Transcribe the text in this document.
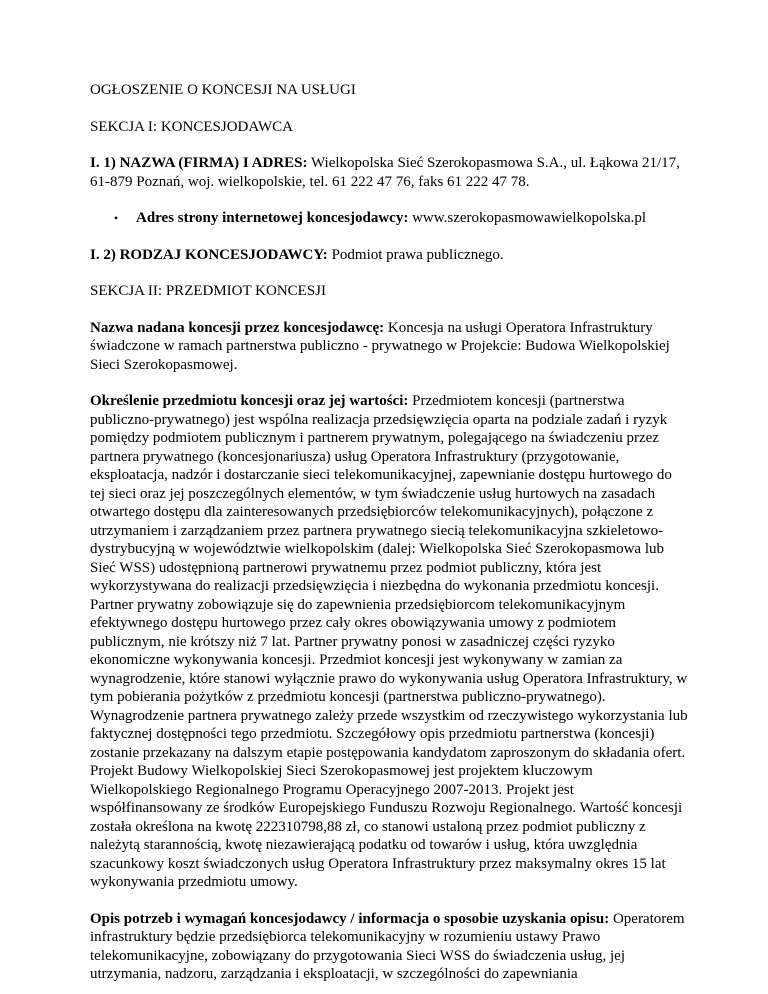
OGŁOSZENIE O KONCESJI NA USŁUGI

SEKCJA I: KONCESJODAWCA

I. 1) NAZWA (FIRMA) I ADRES: Wielkopolska Sieć Szerokopasmowa S.A., ul. Łąkowa 21/17, 61-879 Poznań, woj. wielkopolskie, tel. 61 222 47 76, faks 61 222 47 78.

•	Adres strony internetowej koncesjodawcy: www.szerokopasmowawielkopolska.pl

I. 2) RODZAJ KONCESJODAWCY: Podmiot prawa publicznego.

SEKCJA II: PRZEDMIOT KONCESJI

Nazwa nadana koncesji przez koncesjodawcę: Koncesja na usługi Operatora Infrastruktury świadczone w ramach partnerstwa publiczno - prywatnego w Projekcie: Budowa Wielkopolskiej Sieci Szerokopasmowej.

Określenie przedmiotu koncesji oraz jej wartości: Przedmiotem koncesji (partnerstwa publiczno-prywatnego) jest wspólna realizacja przedsięwzięcia oparta na podziale zadań i ryzyk pomiędzy podmiotem publicznym i partnerem prywatnym, polegającego na świadczeniu przez partnera prywatnego (koncesjonariusza) usług Operatora Infrastruktury (przygotowanie, eksploatacja, nadzór i dostarczanie sieci telekomunikacyjnej, zapewnianie dostępu hurtowego do tej sieci oraz jej poszczególnych elementów, w tym świadczenie usług hurtowych na zasadach otwartego dostępu dla zainteresowanych przedsiębiorców telekomunikacyjnych), połączone z utrzymaniem i zarządzaniem przez partnera prywatnego siecią telekomunikacyjna szkieletowo-dystrybucyjną w województwie wielkopolskim (dalej: Wielkopolska Sieć Szerokopasmowa lub Sieć WSS) udostępnioną partnerowi prywatnemu przez podmiot publiczny, która jest wykorzystywana do realizacji przedsięwzięcia i niezbędna do wykonania przedmiotu koncesji. Partner prywatny zobowiązuje się do zapewnienia przedsiębiorcom telekomunikacyjnym efektywnego dostępu hurtowego przez cały okres obowiązywania umowy z podmiotem publicznym, nie krótszy niż 7 lat. Partner prywatny ponosi w zasadniczej części ryzyko ekonomiczne wykonywania koncesji. Przedmiot koncesji jest wykonywany w zamian za wynagrodzenie, które stanowi wyłącznie prawo do wykonywania usług Operatora Infrastruktury, w tym pobierania pożytków z przedmiotu koncesji (partnerstwa publiczno-prywatnego). Wynagrodzenie partnera prywatnego zależy przede wszystkim od rzeczywistego wykorzystania lub faktycznej dostępności tego przedmiotu. Szczegółowy opis przedmiotu partnerstwa (koncesji) zostanie przekazany na dalszym etapie postępowania kandydatom zaproszonym do składania ofert. Projekt Budowy Wielkopolskiej Sieci Szerokopasmowej jest projektem kluczowym Wielkopolskiego Regionalnego Programu Operacyjnego 2007-2013. Projekt jest współfinansowany ze środków Europejskiego Funduszu Rozwoju Regionalnego. Wartość koncesji została określona na kwotę 222310798,88 zł, co stanowi ustaloną przez podmiot publiczny z należytą starannością, kwotę niezawierającą podatku od towarów i usług, która uwzględnia szacunkowy koszt świadczonych usług Operatora Infrastruktury przez maksymalny okres 15 lat wykonywania przedmiotu umowy.

Opis potrzeb i wymagań koncesjodawcy / informacja o sposobie uzyskania opisu: Operatorem infrastruktury będzie przedsiębiorca telekomunikacyjny w rozumieniu ustawy Prawo telekomunikacyjne, zobowiązany do przygotowania Sieci WSS do świadczenia usług, jej utrzymania, nadzoru, zarządzania i eksploatacji, w szczególności do zapewniania
